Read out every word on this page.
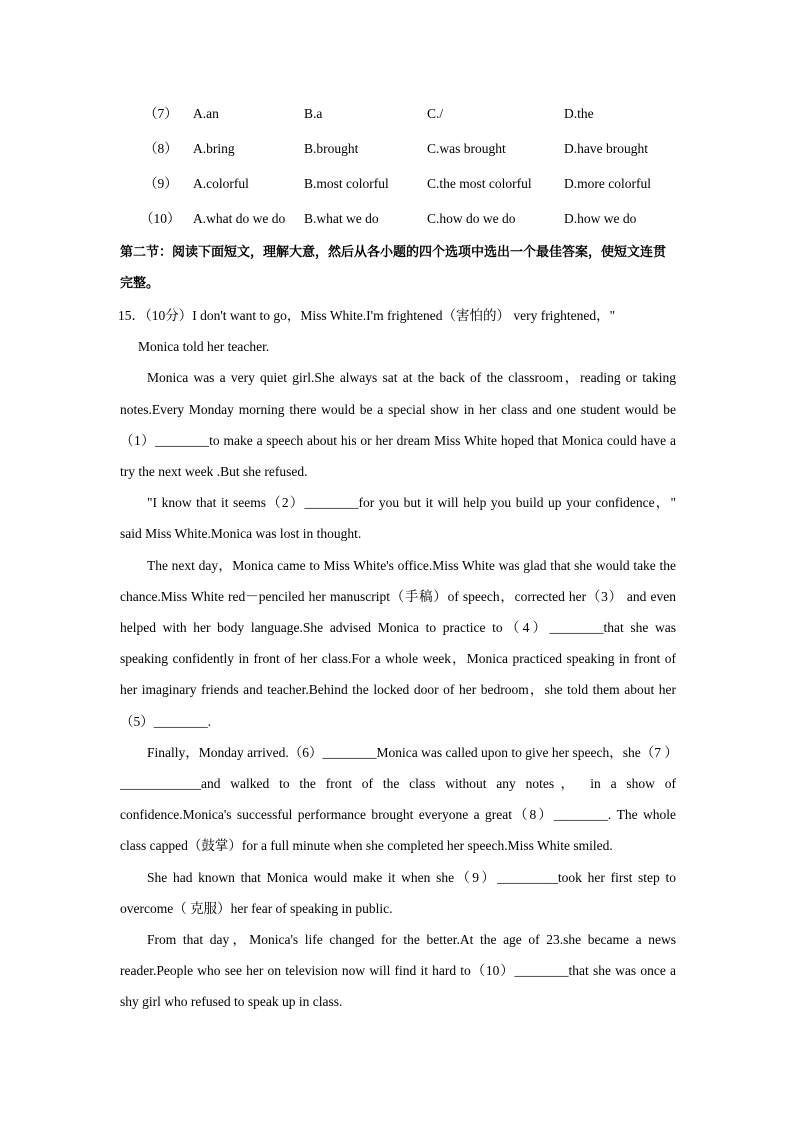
（7） A.an	B.a	C./	D.the
（8） A.bring	B.brought	C.was brought	D.have brought
（9） A.colorful	B.most colorful	C.the most colorful D.more colorful
（10） A.what do we do B.what we do	C.how do we do	D.how we do
第二节：阅读下面短文，理解大意，然后从各小题的四个选项中选出一个最佳答案，使短文连贯完整。

15．（10分）I don't want to go，Miss White.I'm frightened（害怕的） very frightened，"
Monica told her teacher.

Monica was a very quiet girl.She always sat at the back of the classroom，reading or taking notes.Every Monday morning there would be a special show in her class and one student would be（1）________to make a speech about his or her dream Miss White hoped that Monica could have a try the next week .But she refused.

"I know that it seems（2）________for you but it will help you build up your confidence，" said Miss White.Monica was lost in thought.

The next day，Monica came to Miss White's office.Miss White was glad that she would take the chance.Miss White red－penciled her manuscript（手稿）of speech，corrected her（3） and even helped with her body language.She advised Monica to practice to（4）________that she was speaking confidently in front of her class.For a whole week，Monica practiced speaking in front of her imaginary friends and teacher.Behind the locked door of her bedroom，she told them about her（5）________.

Finally，Monday arrived.（6）________Monica was called upon to give her speech，she（7 ）____________and walked to the front of the class without any notes， in a show of confidence.Monica's successful performance brought everyone a great（8）________. The whole class capped（鼓掌）for a full minute when she completed her speech.Miss White smiled.

She had known that Monica would make it when she（9）_________took her first step to overcome（ 克服）her fear of speaking in public.

From that day，Monica's life changed for the better.At the age of 23.she became a news reader.People who see her on television now will find it hard to（10）________that she was once a shy girl who refused to speak up in class.
